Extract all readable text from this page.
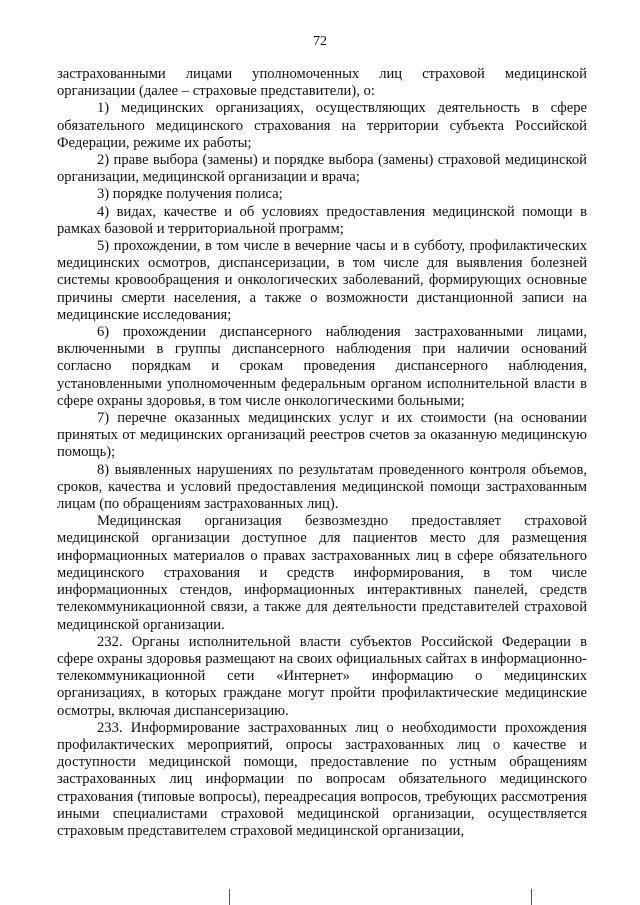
72

застрахованными лицами уполномоченных лиц страховой медицинской организации (далее – страховые представители), о:

1) медицинских организациях, осуществляющих деятельность в сфере обязательного медицинского страхования на территории субъекта Российской Федерации, режиме их работы;

2) праве выбора (замены) и порядке выбора (замены) страховой медицинской организации, медицинской организации и врача;

3) порядке получения полиса;

4) видах, качестве и об условиях предоставления медицинской помощи в рамках базовой и территориальной программ;

5) прохождении, в том числе в вечерние часы и в субботу, профилактических медицинских осмотров, диспансеризации, в том числе для выявления болезней системы кровообращения и онкологических заболеваний, формирующих основные причины смерти населения, а также о возможности дистанционной записи на медицинские исследования;

6) прохождении диспансерного наблюдения застрахованными лицами, включенными в группы диспансерного наблюдения при наличии оснований согласно порядкам и срокам проведения диспансерного наблюдения, установленными уполномоченным федеральным органом исполнительной власти в сфере охраны здоровья, в том числе онкологическими больными;

7) перечне оказанных медицинских услуг и их стоимости (на основании принятых от медицинских организаций реестров счетов за оказанную медицинскую помощь);

8) выявленных нарушениях по результатам проведенного контроля объемов, сроков, качества и условий предоставления медицинской помощи застрахованным лицам (по обращениям застрахованных лиц).

Медицинская организация безвозмездно предоставляет страховой медицинской организации доступное для пациентов место для размещения информационных материалов о правах застрахованных лиц в сфере обязательного медицинского страхования и средств информирования, в том числе информационных стендов, информационных интерактивных панелей, средств телекоммуникационной связи, а также для деятельности представителей страховой медицинской организации.

232. Органы исполнительной власти субъектов Российской Федерации в сфере охраны здоровья размещают на своих официальных сайтах в информационно-телекоммуникационной сети «Интернет» информацию о медицинских организациях, в которых граждане могут пройти профилактические медицинские осмотры, включая диспансеризацию.

233. Информирование застрахованных лиц о необходимости прохождения профилактических мероприятий, опросы застрахованных лиц о качестве и доступности медицинской помощи, предоставление по устным обращениям застрахованных лиц информации по вопросам обязательного медицинского страхования (типовые вопросы), переадресация вопросов, требующих рассмотрения иными специалистами страховой медицинской организации, осуществляется страховым представителем страховой медицинской организации,
